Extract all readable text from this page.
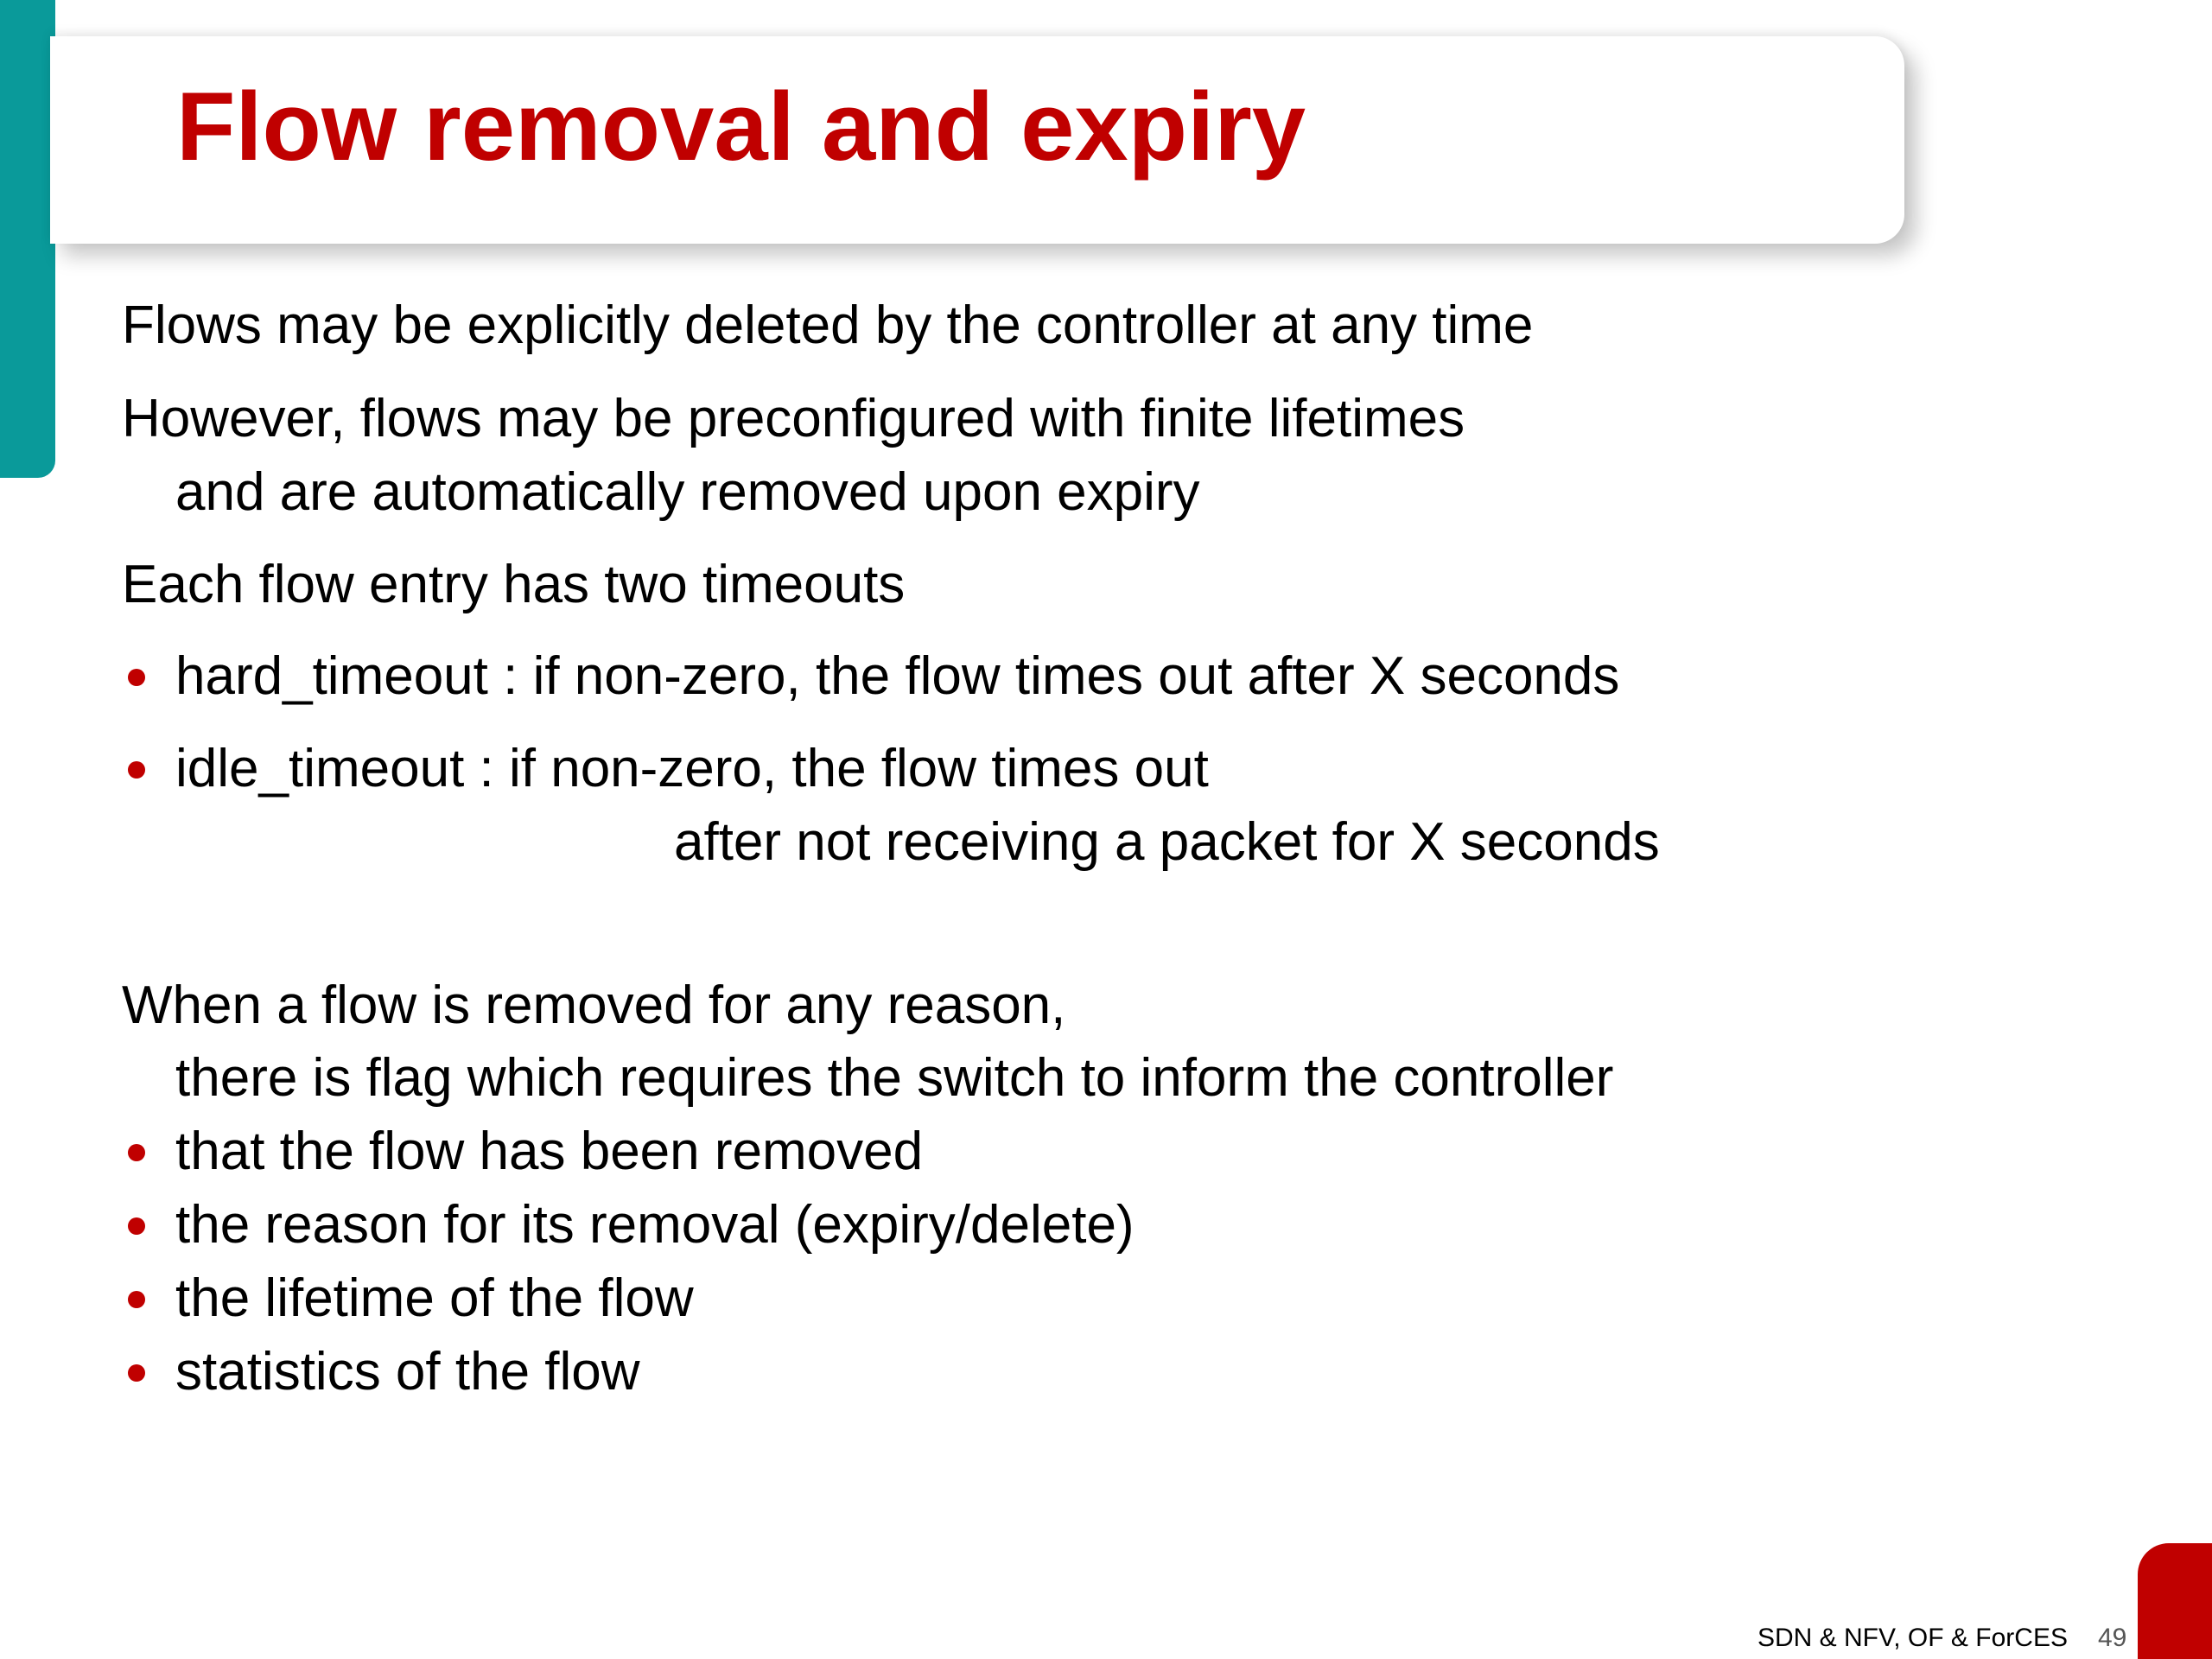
Flow removal and expiry
Flows may be explicitly deleted by the controller at any time
However, flows may be preconfigured with finite lifetimes
and are automatically removed upon expiry
Each flow entry has two timeouts
hard_timeout : if non-zero, the flow times out after X seconds
idle_timeout : if non-zero, the flow times out
after not receiving a packet for X seconds
When a flow is removed for any reason,
there is flag which requires the switch to inform the controller
that the flow has been removed
the reason for its removal (expiry/delete)
the lifetime of the flow
statistics of the flow
SDN & NFV, OF & ForCES 49
